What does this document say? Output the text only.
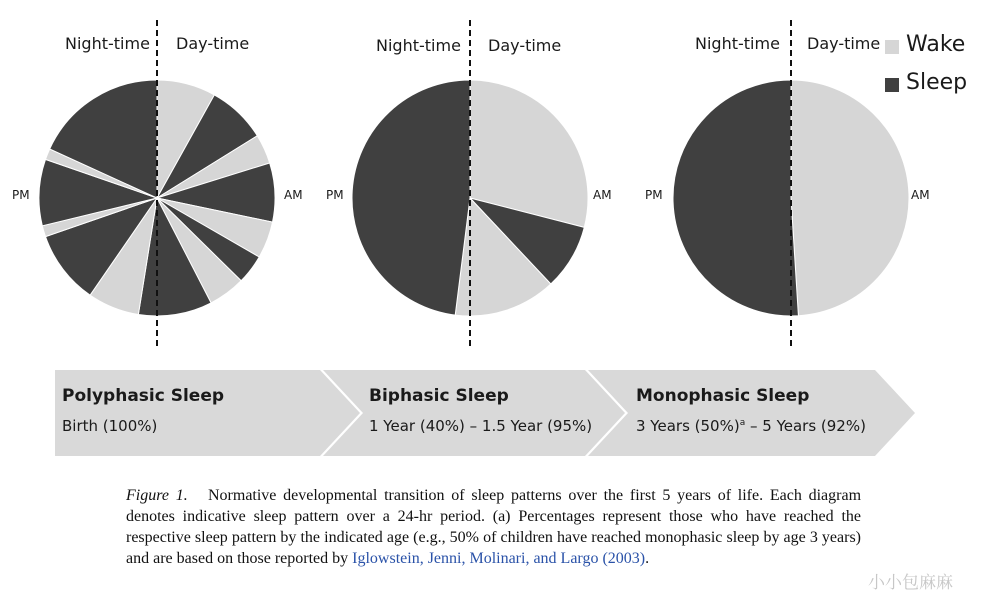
Night-time Day-time
PM	AM
Night-time Day-time
PM	AM
Night-time Day-time
PM	AM
Wake
Sleep
Polyphasic Sleep
Birth (100%)
Biphasic Sleep
1 Year (40%) – 1.5 Year (95%)
Monophasic Sleep
3 Years $(50\%)^a - 5$ Years (92%)
Figure 1. Normative developmental transition of sleep patterns over the first 5 years of life. Each diagram denotes indicative sleep pattern over a 24-hr period. (a) Percentages represent those who have reached the respective sleep pattern by the indicated age (e.g., 50% of children have reached monophasic sleep by age 3 years) and are based on those reported by Iglowstein, Jenni, Molinari, and Largo (2003).
小小包麻麻
